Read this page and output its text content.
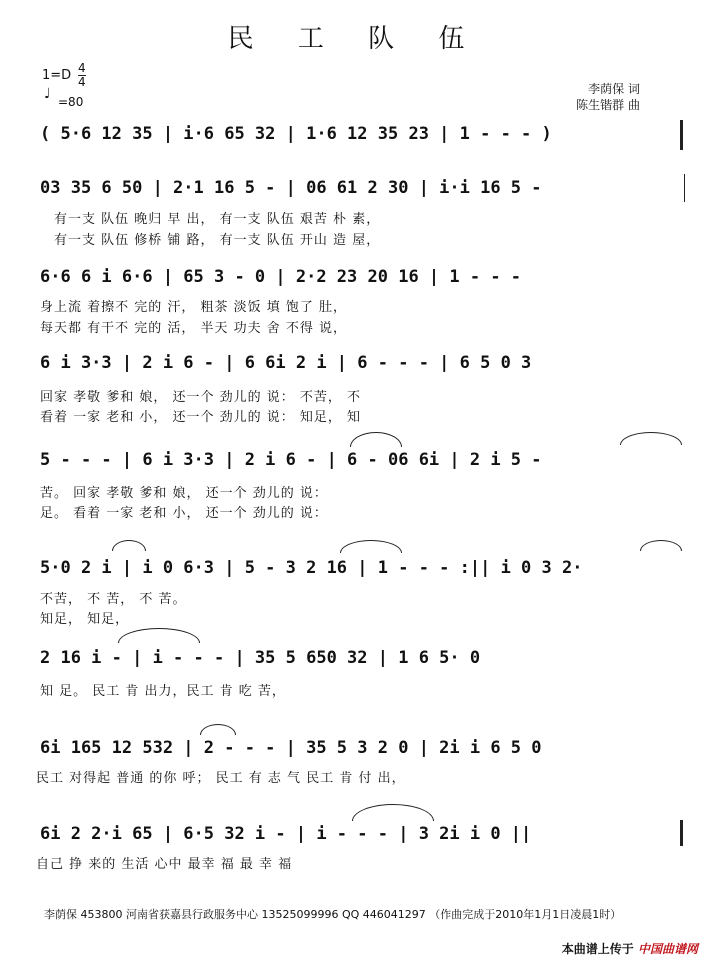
民 工 队 伍
$1=D \frac{4}{4}$
♩ =80
李荫保 词
陈生锴群 曲
( 5·6 12 35 | i·6 65 32 | 1·6 12 35 23 | 1 - - - )
03 35 6 50 | 2·1 16 5 - | 06 61 2 30 | i·i 16 5 -
有一支 队伍 晚归 早 出， 有一支 队伍 艰苦 朴 素，
有一支 队伍 修桥 铺 路， 有一支 队伍 开山 造 屋，
6·6 6 i 6·6 | 65 3 - 0 | 2·2 23 20 16 | 1 - - -
身上流 着擦不 完的 汗， 粗茶 淡饭 填 饱了 肚，
每天都 有干不 完的 活， 半天 功夫 舍 不得 说，
6 i 3·3 | 2 i 6 - | 6 6i 2 i | 6 - - - | 6 5 0 3
回家 孝敬 爹和 娘， 还一个 劲儿的 说： 不苦， 不
看着 一家 老和 小， 还一个 劲儿的 说： 知足， 知
5 - - - | 6 i 3·3 | 2 i 6 - | 6 - 06 6i | 2 i 5 -
苦。 回家 孝敬 爹和 娘， 还一个 劲儿的 说：
足。 看着 一家 老和 小， 还一个 劲儿的 说：
5·0 2 i | i 0 6·3 | 5 - 3 2 16 | 1 - - - :|| i 0 3 2·
不苦， 不 苦， 不 苦。
知足， 知足，
2 16 i - | i - - - | 35 5 650 32 | 1 6 5· 0
知 足。 民工 肯 出力，民工 肯 吃 苦，
6i 165 12 532 | 2 - - - | 35 5 3 2 0 | 2i i 6 5 0
民工 对得起 普通 的你 呼； 民工 有 志 气 民工 肯 付 出，
6i 2 2·i 65 | 6·5 32 i - | i - - - | 3 2i i 0 ||
自己 挣 来的 生活 心中 最幸 福 最 幸 福
李荫保 453800 河南省获嘉县行政服务中心 13525099996 QQ 446041297 （作曲完成于2010年1月1日凌晨1时）
本曲谱上传于 中国曲谱网
